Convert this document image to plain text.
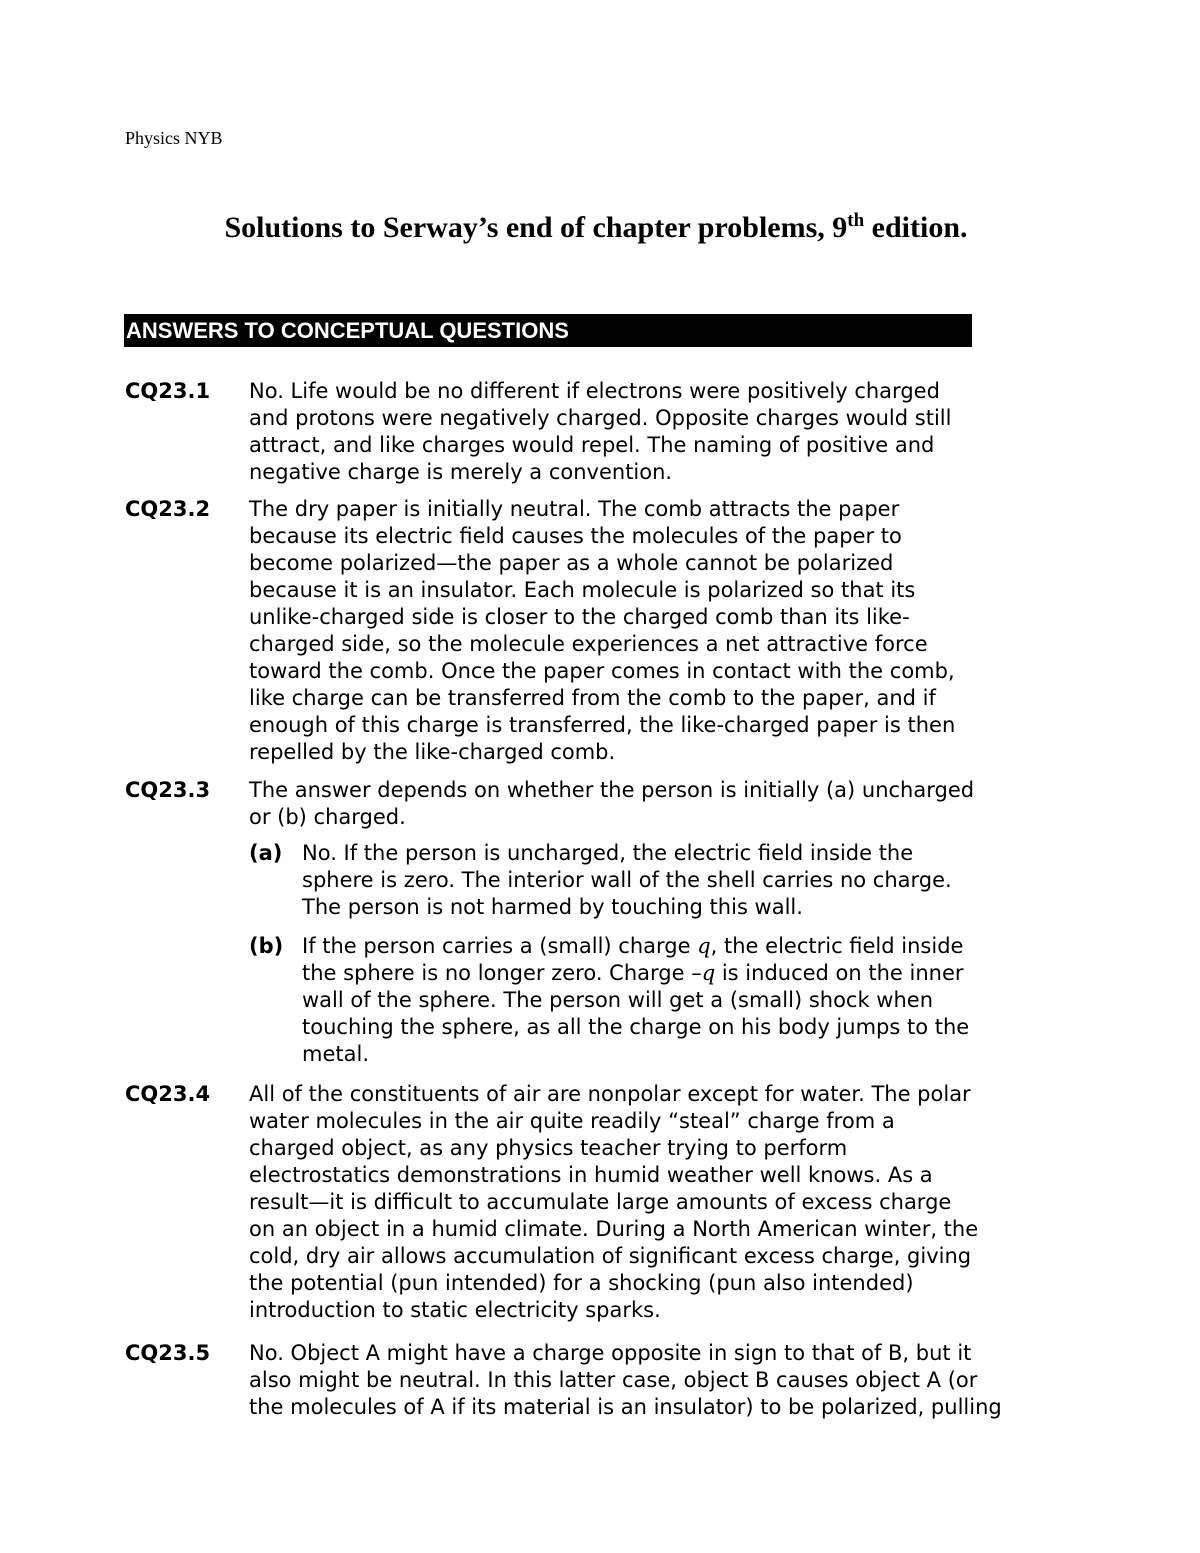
Physics NYB
Solutions to Serway’s end of chapter problems, 9th edition.
ANSWERS TO CONCEPTUAL QUESTIONS
CQ23.1 No. Life would be no different if electrons were positively charged
and protons were negatively charged. Opposite charges would still
attract, and like charges would repel. The naming of positive and
negative charge is merely a convention.
CQ23.2 The dry paper is initially neutral. The comb attracts the paper
because its electric field causes the molecules of the paper to
become polarized—the paper as a whole cannot be polarized
because it is an insulator. Each molecule is polarized so that its
unlike-charged side is closer to the charged comb than its like-
charged side, so the molecule experiences a net attractive force
toward the comb. Once the paper comes in contact with the comb,
like charge can be transferred from the comb to the paper, and if
enough of this charge is transferred, the like-charged paper is then
repelled by the like-charged comb.
CQ23.3 The answer depends on whether the person is initially (a) uncharged
or (b) charged.
(a) No. If the person is uncharged, the electric field inside the
sphere is zero. The interior wall of the shell carries no charge.
The person is not harmed by touching this wall.
(b) If the person carries a (small) charge q, the electric field inside
the sphere is no longer zero. Charge –q is induced on the inner
wall of the sphere. The person will get a (small) shock when
touching the sphere, as all the charge on his body jumps to the
metal.
CQ23.4 All of the constituents of air are nonpolar except for water. The polar
water molecules in the air quite readily “steal” charge from a
charged object, as any physics teacher trying to perform
electrostatics demonstrations in humid weather well knows. As a
result—it is difficult to accumulate large amounts of excess charge
on an object in a humid climate. During a North American winter, the
cold, dry air allows accumulation of significant excess charge, giving
the potential (pun intended) for a shocking (pun also intended)
introduction to static electricity sparks.
CQ23.5 No. Object A might have a charge opposite in sign to that of B, but it
also might be neutral. In this latter case, object B causes object A (or
the molecules of A if its material is an insulator) to be polarized, pulling
